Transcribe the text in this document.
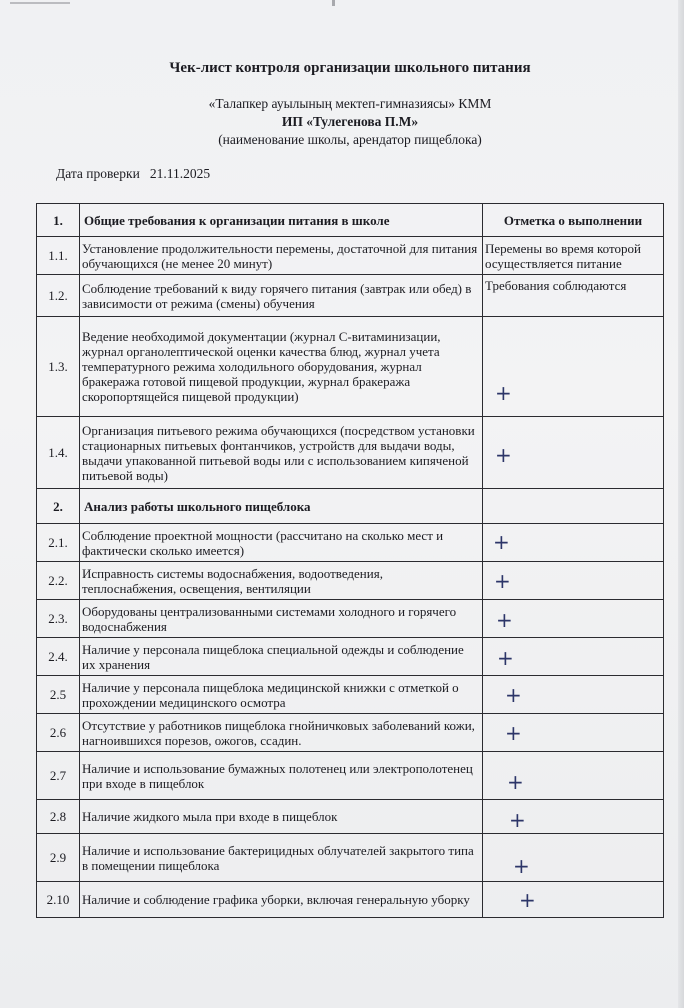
Чек-лист контроля организации школьного питания
«Талапкер ауылының мектеп-гимназиясы» КММ
ИП «Тулегенова П.М»
(наименование школы, арендатор пищеблока)
Дата проверки 21.11.2025
1.	Общие требования к организации питания в школе	Отметка о выполнении
1.1.	Установление продолжительности перемены, достаточной для питания обучающихся (не менее 20 минут)	Перемены во время которой осуществляется питание
1.2.	Соблюдение требований к виду горячего питания (завтрак или обед) в зависимости от режима (смены) обучения	Требования соблюдаются
1.3.	Ведение необходимой документации (журнал С-витаминизации, журнал органолептической оценки качества блюд, журнал учета температурного режима холодильного оборудования, журнал бракеража готовой пищевой продукции, журнал бракеража скоропортящейся пищевой продукции)	+

1.4.	Организация питьевого режима обучающихся (посредством установки стационарных питьевых фонтанчиков, устройств для выдачи воды, выдачи упакованной питьевой воды или с использованием кипяченой питьевой воды)	+

2.	Анализ работы школьного пищеблока	
2.1.	Соблюдение проектной мощности (рассчитано на сколько мест и фактически сколько имеется)	+

2.2.	Исправность системы водоснабжения, водоотведения, теплоснабжения, освещения, вентиляции	+

2.3.	Оборудованы централизованными системами холодного и горячего водоснабжения	+

2.4.	Наличие у персонала пищеблока специальной одежды и соблюдение их хранения	+

2.5	Наличие у персонала пищеблока медицинской книжки с отметкой о прохождении медицинского осмотра	+

2.6	Отсутствие у работников пищеблока гнойничковых заболеваний кожи, нагноившихся порезов, ожогов, ссадин.	+

2.7	Наличие и использование бумажных полотенец или электрополотенец при входе в пищеблок	+

2.8	Наличие жидкого мыла при входе в пищеблок	+

2.9	Наличие и использование бактерицидных облучателей закрытого типа в помещении пищеблока	+

2.10	Наличие и соблюдение графика уборки, включая генеральную уборку	+
